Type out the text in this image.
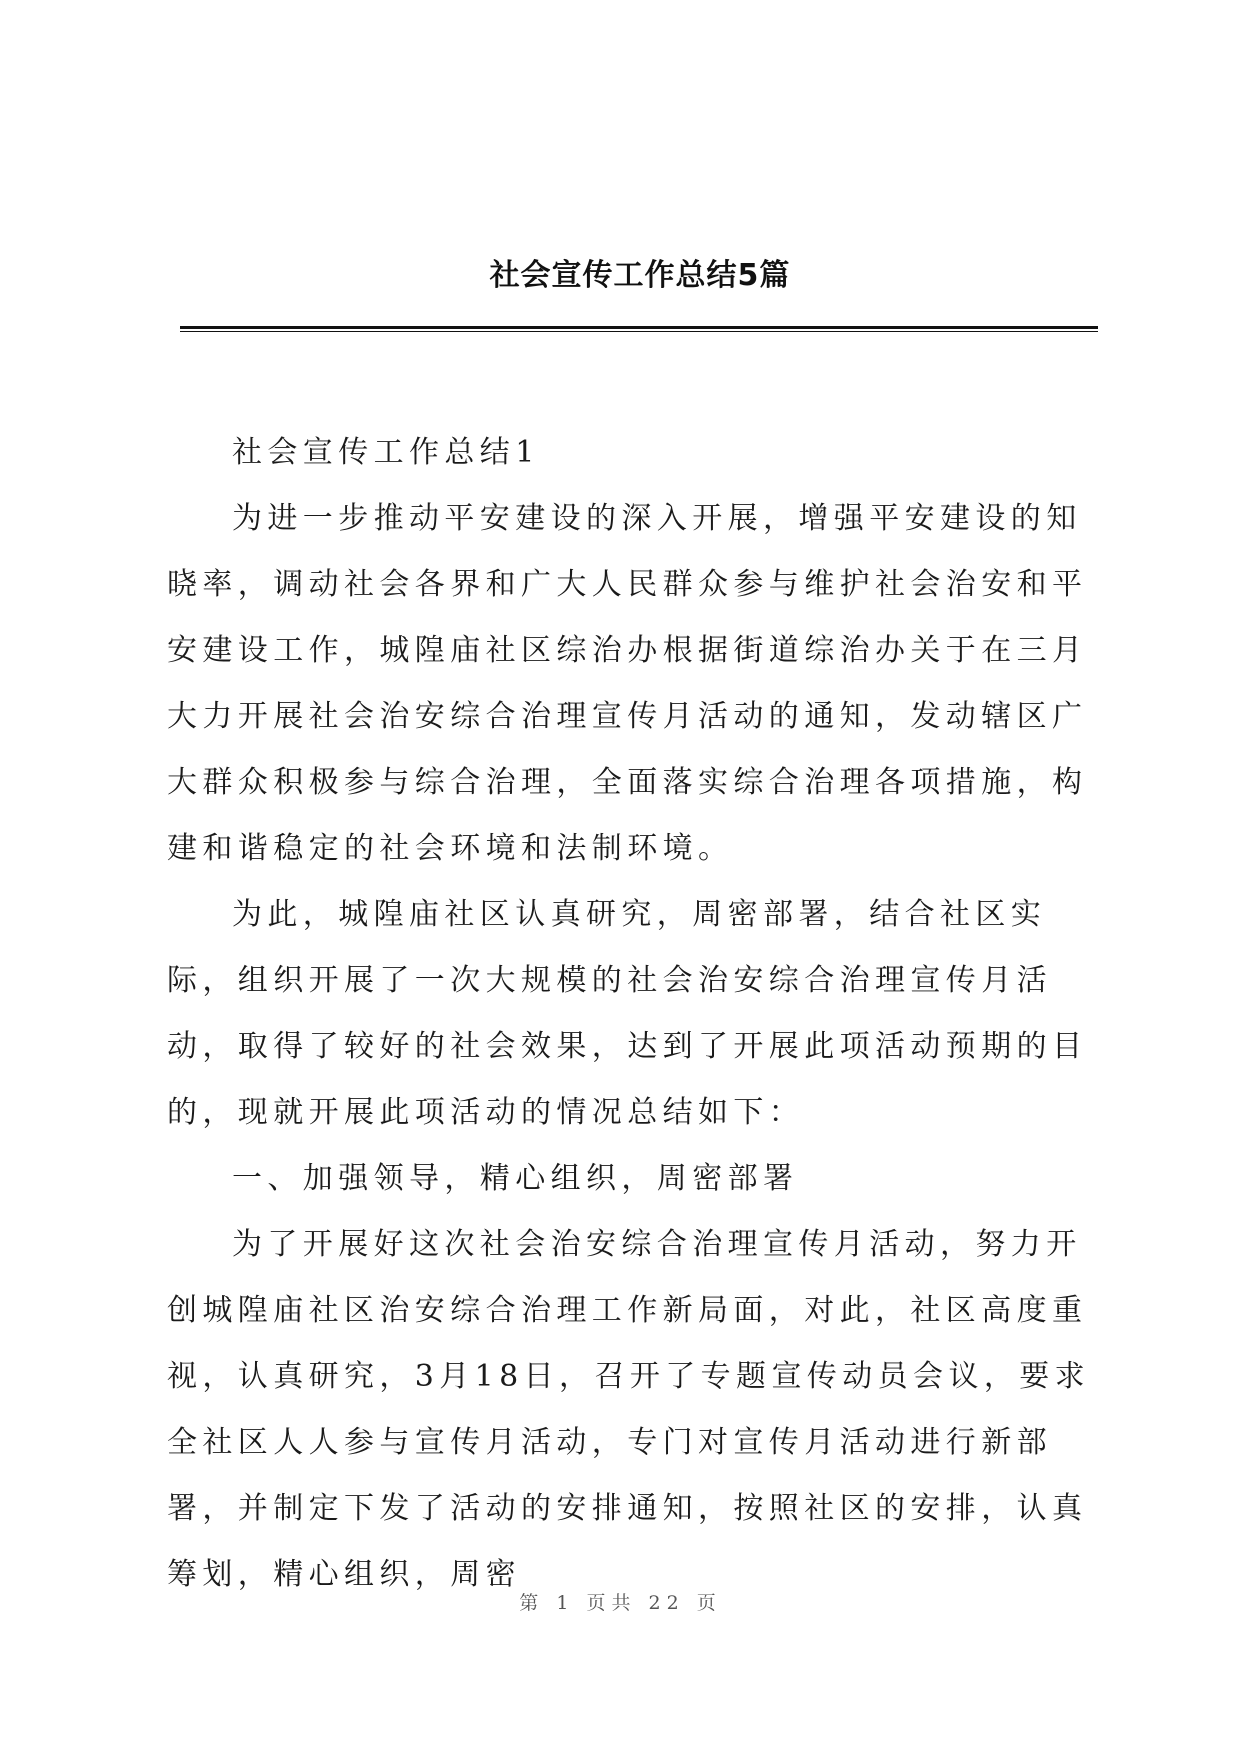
社会宣传工作总结5篇

社会宣传工作总结1

为进一步推动平安建设的深入开展，增强平安建设的知晓率，调动社会各界和广大人民群众参与维护社会治安和平安建设工作，城隍庙社区综治办根据街道综治办关于在三月大力开展社会治安综合治理宣传月活动的通知，发动辖区广大群众积极参与综合治理，全面落实综合治理各项措施，构建和谐稳定的社会环境和法制环境。

为此，城隍庙社区认真研究，周密部署，结合社区实际，组织开展了一次大规模的社会治安综合治理宣传月活动，取得了较好的社会效果，达到了开展此项活动预期的目的，现就开展此项活动的情况总结如下：

一、加强领导，精心组织，周密部署

为了开展好这次社会治安综合治理宣传月活动，努力开创城隍庙社区治安综合治理工作新局面，对此，社区高度重视，认真研究，3月18日，召开了专题宣传动员会议，要求全社区人人参与宣传月活动，专门对宣传月活动进行新部署，并制定下发了活动的安排通知，按照社区的安排，认真筹划，精心组织，周密

第 1 页共 22 页
